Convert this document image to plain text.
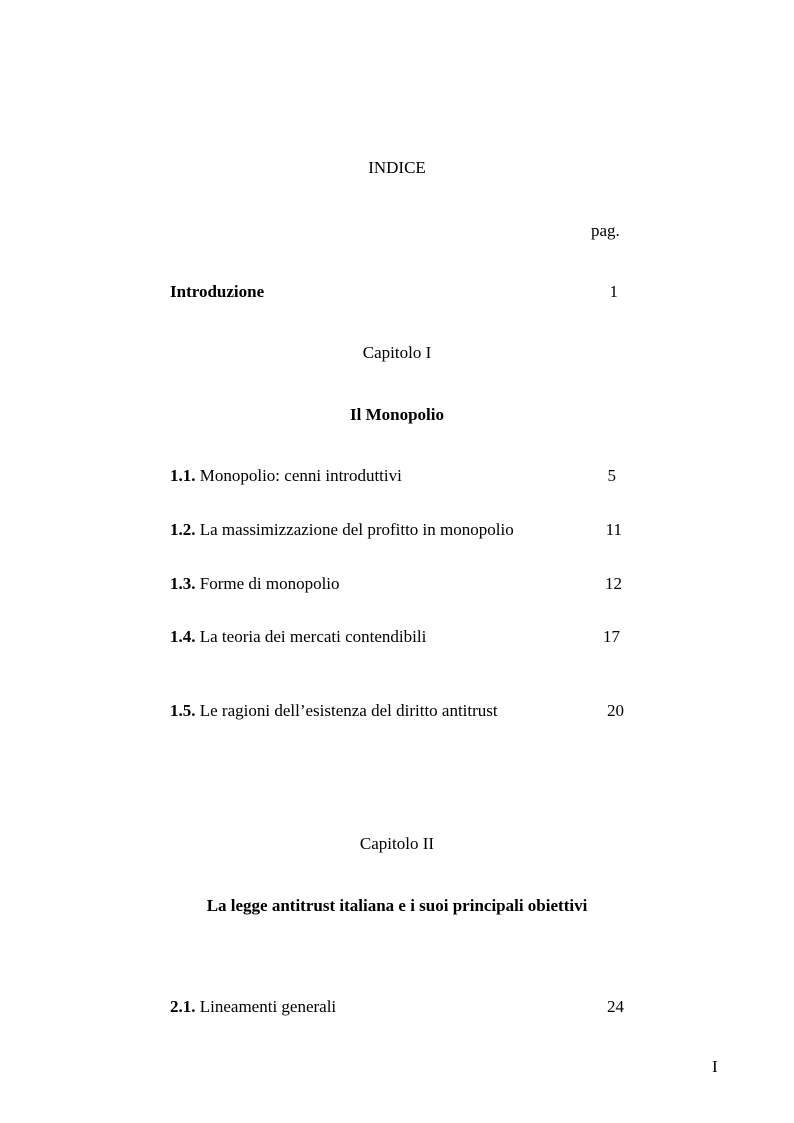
INDICE
pag.
Introduzione	1
Capitolo I
Il Monopolio
1.1. Monopolio: cenni introduttivi	5
1.2. La massimizzazione del profitto in monopolio	11
1.3. Forme di monopolio	12
1.4. La teoria dei mercati contendibili	17
1.5. Le ragioni dell’esistenza del diritto antitrust	20
Capitolo II
La legge antitrust italiana e i suoi principali obiettivi
2.1. Lineamenti generali	24
I
